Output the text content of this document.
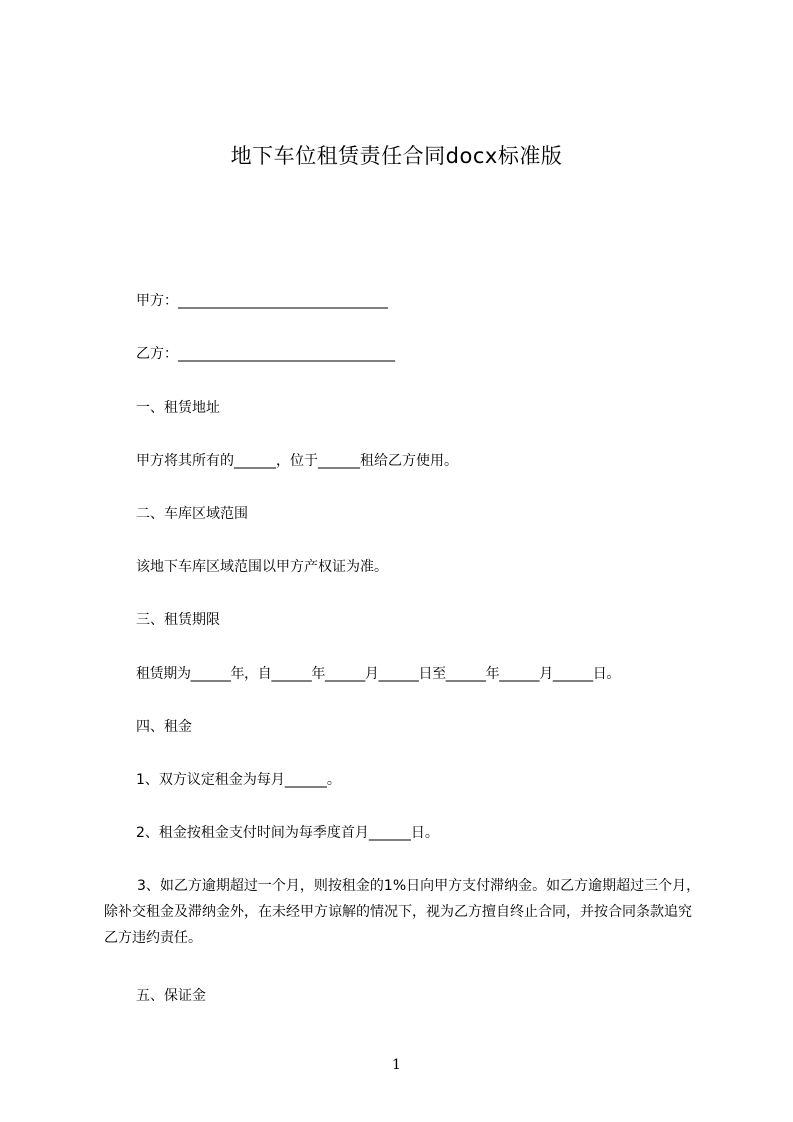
地下车位租赁责任合同docx标准版
甲方：______________________________
乙方：_______________________________
一、租赁地址
甲方将其所有的______，位于______租给乙方使用。
二、车库区域范围
该地下车库区域范围以甲方产权证为准。
三、租赁期限
租赁期为______年，自______年______月______日至______年______月______日。
四、租金
1、双方议定租金为每月______。
2、租金按租金支付时间为每季度首月______日。
3、如乙方逾期超过一个月，则按租金的1%日向甲方支付滞纳金。如乙方逾期超过三个月，除补交租金及滞纳金外，在未经甲方谅解的情况下，视为乙方擅自终止合同，并按合同条款追究乙方违约责任。
五、保证金
1
